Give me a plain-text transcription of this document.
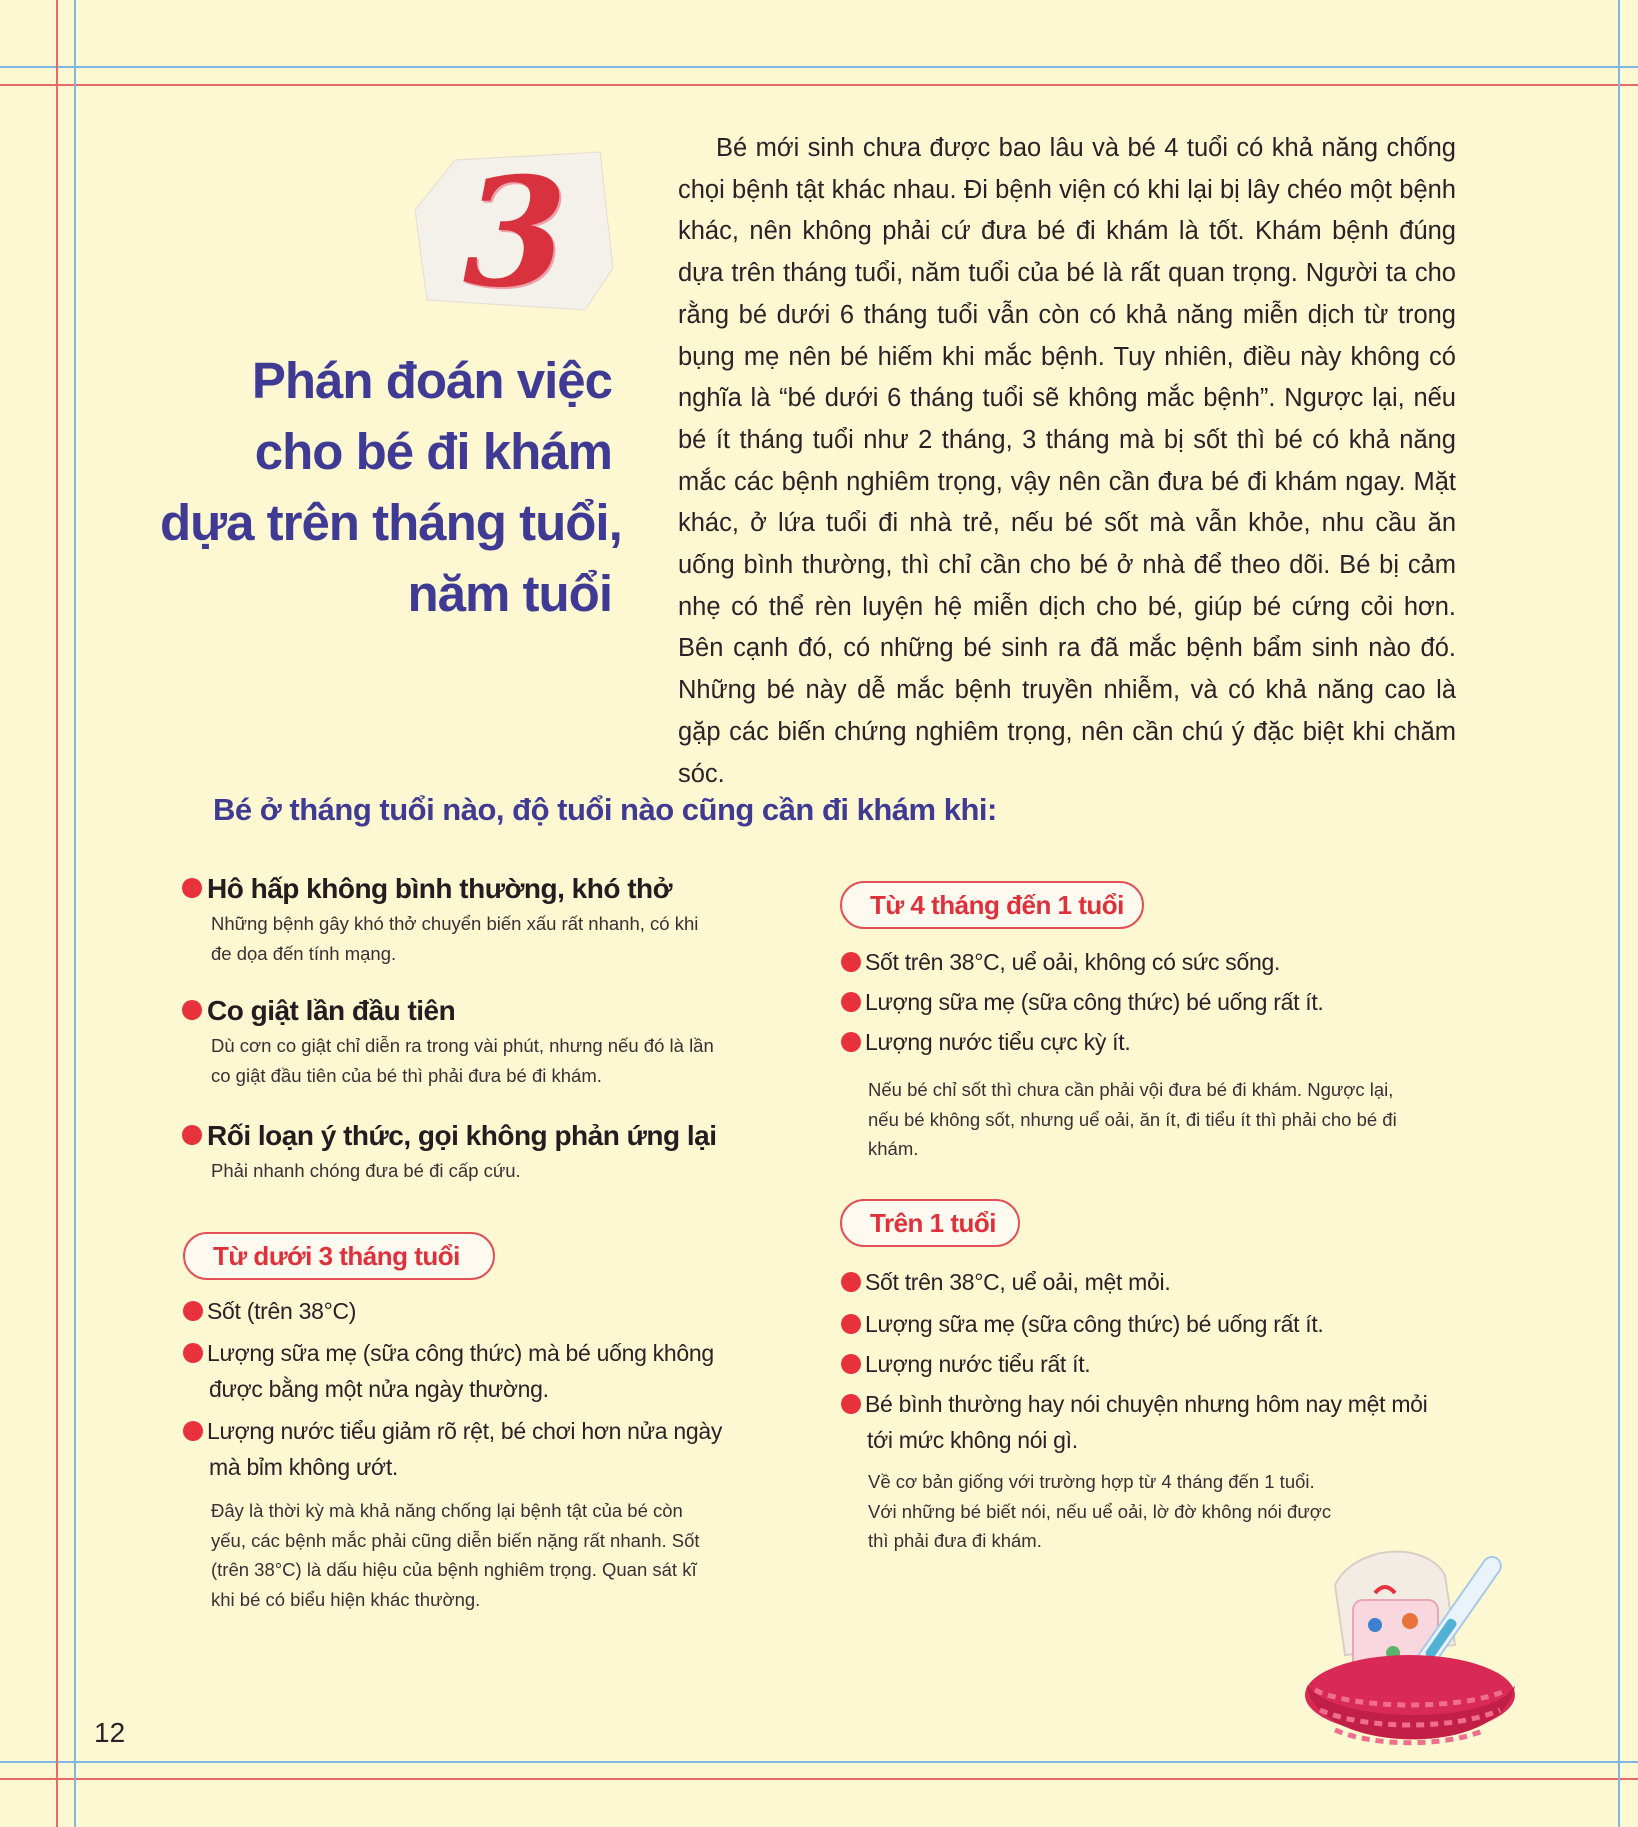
3
Phán đoán việc
cho bé đi khám
dựa trên tháng tuổi,
năm tuổi

Bé mới sinh chưa được bao lâu và bé 4 tuổi có khả năng chống chọi bệnh tật khác nhau. Đi bệnh viện có khi lại bị lây chéo một bệnh khác, nên không phải cứ đưa bé đi khám là tốt. Khám bệnh đúng dựa trên tháng tuổi, năm tuổi của bé là rất quan trọng. Người ta cho rằng bé dưới 6 tháng tuổi vẫn còn có khả năng miễn dịch từ trong bụng mẹ nên bé hiếm khi mắc bệnh. Tuy nhiên, điều này không có nghĩa là “bé dưới 6 tháng tuổi sẽ không mắc bệnh”. Ngược lại, nếu bé ít tháng tuổi như 2 tháng, 3 tháng mà bị sốt thì bé có khả năng mắc các bệnh nghiêm trọng, vậy nên cần đưa bé đi khám ngay. Mặt khác, ở lứa tuổi đi nhà trẻ, nếu bé sốt mà vẫn khỏe, nhu cầu ăn uống bình thường, thì chỉ cần cho bé ở nhà để theo dõi. Bé bị cảm nhẹ có thể rèn luyện hệ miễn dịch cho bé, giúp bé cứng cỏi hơn. Bên cạnh đó, có những bé sinh ra đã mắc bệnh bẩm sinh nào đó. Những bé này dễ mắc bệnh truyền nhiễm, và có khả năng cao là gặp các biến chứng nghiêm trọng, nên cần chú ý đặc biệt khi chăm sóc.

Bé ở tháng tuổi nào, độ tuổi nào cũng cần đi khám khi:
Hô hấp không bình thường, khó thở
Những bệnh gây khó thở chuyển biến xấu rất nhanh, có khi đe dọa đến tính mạng.
Co giật lần đầu tiên
Dù cơn co giật chỉ diễn ra trong vài phút, nhưng nếu đó là lần co giật đầu tiên của bé thì phải đưa bé đi khám.
Rối loạn ý thức, gọi không phản ứng lại
Phải nhanh chóng đưa bé đi cấp cứu.
Từ dưới 3 tháng tuổi
Sốt (trên 38°C)
Lượng sữa mẹ (sữa công thức) mà bé uống không được bằng một nửa ngày thường.
Lượng nước tiểu giảm rõ rệt, bé chơi hơn nửa ngày mà bỉm không ướt.
Đây là thời kỳ mà khả năng chống lại bệnh tật của bé còn yếu, các bệnh mắc phải cũng diễn biến nặng rất nhanh. Sốt (trên 38°C) là dấu hiệu của bệnh nghiêm trọng. Quan sát kĩ khi bé có biểu hiện khác thường.
Từ 4 tháng đến 1 tuổi
Sốt trên 38°C, uể oải, không có sức sống.
Lượng sữa mẹ (sữa công thức) bé uống rất ít.
Lượng nước tiểu cực kỳ ít.
Nếu bé chỉ sốt thì chưa cần phải vội đưa bé đi khám. Ngược lại, nếu bé không sốt, nhưng uể oải, ăn ít, đi tiểu ít thì phải cho bé đi khám.
Trên 1 tuổi
Sốt trên 38°C, uể oải, mệt mỏi.
Lượng sữa mẹ (sữa công thức) bé uống rất ít.
Lượng nước tiểu rất ít.
Bé bình thường hay nói chuyện nhưng hôm nay mệt mỏi tới mức không nói gì.
Về cơ bản giống với trường hợp từ 4 tháng đến 1 tuổi. Với những bé biết nói, nếu uể oải, lờ đờ không nói được thì phải đưa đi khám.
12
